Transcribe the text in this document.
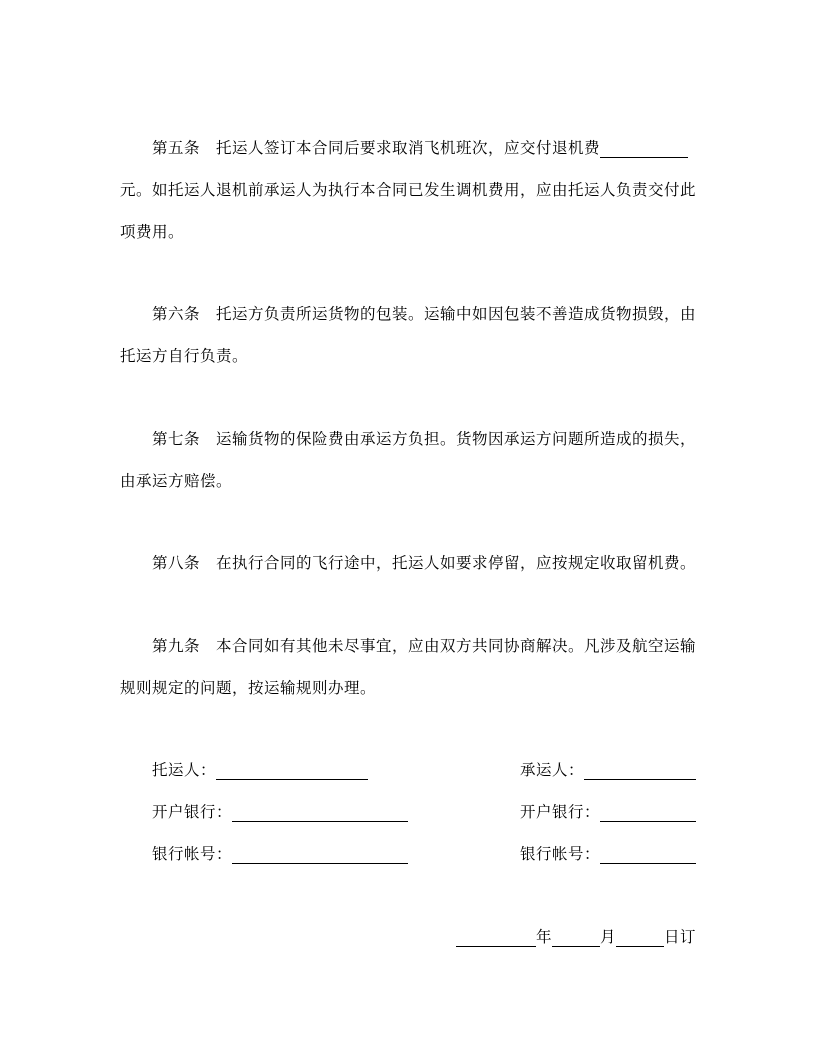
第五条 托运人签订本合同后要求取消飞机班次，应交付退机费
元。如托运人退机前承运人为执行本合同已发生调机费用，应由托运人负责交付此
项费用。
第六条 托运方负责所运货物的包装。运输中如因包装不善造成货物损毁，由
托运方自行负责。
第七条 运输货物的保险费由承运方负担。货物因承运方问题所造成的损失，
由承运方赔偿。
第八条 在执行合同的飞行途中，托运人如要求停留，应按规定收取留机费。
第九条 本合同如有其他未尽事宜，应由双方共同协商解决。凡涉及航空运输
规则规定的问题，按运输规则办理。
托运人：
开户银行：
银行帐号：
承运人：
开户银行：
银行帐号：
年	月	日订
